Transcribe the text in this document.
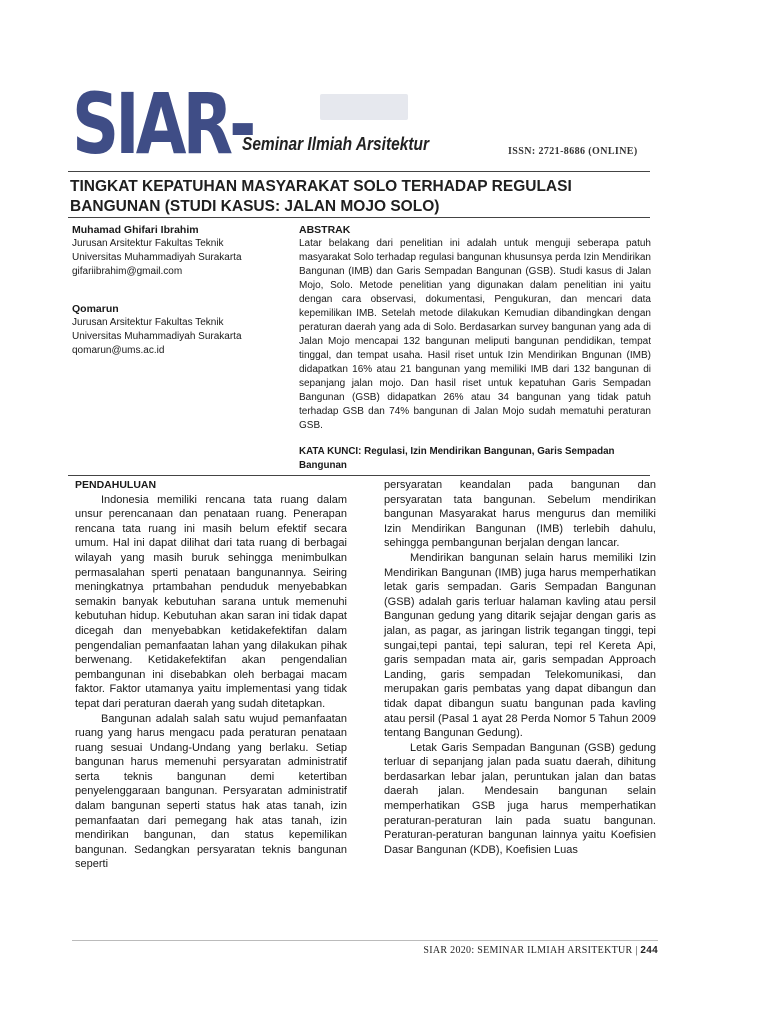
SIAR-
Seminar Ilmiah Arsitektur	ISSN: 2721-8686 (ONLINE)
TINGKAT KEPATUHAN MASYARAKAT SOLO TERHADAP REGULASI
BANGUNAN (STUDI KASUS: JALAN MOJO SOLO)
Muhamad Ghifari Ibrahim
Jurusan Arsitektur Fakultas Teknik
Universitas Muhammadiyah Surakarta
gifariibrahim@gmail.com
Qomarun
Jurusan Arsitektur Fakultas Teknik
Universitas Muhammadiyah Surakarta
qomarun@ums.ac.id
ABSTRAK
Latar belakang dari penelitian ini adalah untuk menguji seberapa patuh masyarakat Solo terhadap regulasi bangunan khusunsya perda Izin Mendirikan Bangunan (IMB) dan Garis Sempadan Bangunan (GSB). Studi kasus di Jalan Mojo, Solo. Metode penelitian yang digunakan dalam penelitian ini yaitu dengan cara observasi, dokumentasi, Pengukuran, dan mencari data kepemilikan IMB. Setelah metode dilakukan Kemudian dibandingkan dengan peraturan daerah yang ada di Solo. Berdasarkan survey bangunan yang ada di Jalan Mojo mencapai 132 bangunan meliputi bangunan pendidikan, tempat tinggal, dan tempat usaha. Hasil riset untuk Izin Mendirikan Bngunan (IMB) didapatkan 16% atau 21 bangunan yang memiliki IMB dari 132 bangunan di sepanjang jalan mojo. Dan hasil riset untuk kepatuhan Garis Sempadan Bangunan (GSB) didapatkan 26% atau 34 bangunan yang tidak patuh terhadap GSB dan 74% bangunan di Jalan Mojo sudah mematuhi peraturan GSB.
KATA KUNCI: Regulasi, Izin Mendirikan Bangunan, Garis Sempadan Bangunan
PENDAHULUAN

Indonesia memiliki rencana tata ruang dalam unsur perencanaan dan penataan ruang. Penerapan rencana tata ruang ini masih belum efektif secara umum. Hal ini dapat dilihat dari tata ruang di berbagai wilayah yang masih buruk sehingga menimbulkan permasalahan sperti penataan bangunannya. Seiring meningkatnya prtambahan penduduk menyebabkan semakin banyak kebutuhan sarana untuk memenuhi kebutuhan hidup. Kebutuhan akan saran ini tidak dapat dicegah dan menyebabkan ketidakefektifan dalam pengendalian pemanfaatan lahan yang dilakukan pihak berwenang. Ketidakefektifan akan pengendalian pembangunan ini disebabkan oleh berbagai macam faktor. Faktor utamanya yaitu implementasi yang tidak tepat dari peraturan daerah yang sudah ditetapkan.

Bangunan adalah salah satu wujud pemanfaatan ruang yang harus mengacu pada peraturan penataan ruang sesuai Undang-Undang yang berlaku. Setiap bangunan harus memenuhi persyaratan administratif serta teknis bangunan demi ketertiban penyelenggaraan bangunan. Persyaratan administratif dalam bangunan seperti status hak atas tanah, izin pemanfaatan dari pemegang hak atas tanah, izin mendirikan bangunan, dan status kepemilikan bangunan. Sedangkan persyaratan teknis bangunan seperti

persyaratan keandalan pada bangunan dan persyaratan tata bangunan. Sebelum mendirikan bangunan Masyarakat harus mengurus dan memiliki Izin Mendirikan Bangunan (IMB) terlebih dahulu, sehingga pembangunan berjalan dengan lancar.

Mendirikan bangunan selain harus memiliki Izin Mendirikan Bangunan (IMB) juga harus memperhatikan letak garis sempadan. Garis Sempadan Bangunan (GSB) adalah garis terluar halaman kavling atau persil Bangunan gedung yang ditarik sejajar dengan garis as jalan, as pagar, as jaringan listrik tegangan tinggi, tepi sungai,tepi pantai, tepi saluran, tepi rel Kereta Api, garis sempadan mata air, garis sempadan Approach Landing, garis sempadan Telekomunikasi, dan merupakan garis pembatas yang dapat dibangun dan tidak dapat dibangun suatu bangunan pada kavling atau persil (Pasal 1 ayat 28 Perda Nomor 5 Tahun 2009 tentang Bangunan Gedung).

Letak Garis Sempadan Bangunan (GSB) gedung terluar di sepanjang jalan pada suatu daerah, dihitung berdasarkan lebar jalan, peruntukan jalan dan batas daerah jalan. Mendesain bangunan selain memperhatikan GSB juga harus memperhatikan peraturan-peraturan lain pada suatu bangunan. Peraturan-peraturan bangunan lainnya yaitu Koefisien Dasar Bangunan (KDB), Koefisien Luas

SIAR 2020: SEMINAR ILMIAH ARSITEKTUR | 244
